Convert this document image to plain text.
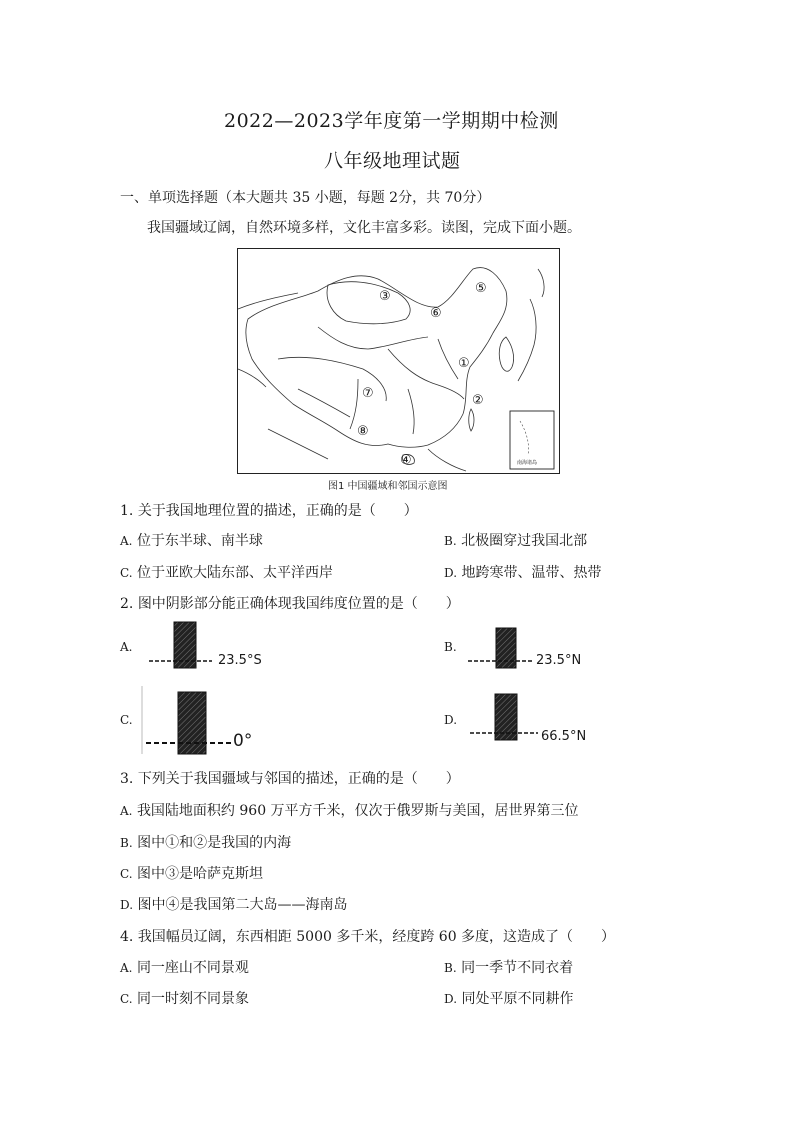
2022—2023学年度第一学期期中检测
八年级地理试题
一、单项选择题（本大题共 35 小题，每题 2分，共 70分）
我国疆域辽阔，自然环境多样，文化丰富多彩。读图，完成下面小题。
③
⑤
⑥
①
②
⑦
⑧
④	南海诸岛
图1 中国疆域和邻国示意图
1. 关于我国地理位置的描述，正确的是（　　）
A. 位于东半球、南半球	B. 北极圈穿过我国北部
C. 位于亚欧大陆东部、太平洋西岸	D. 地跨寒带、温带、热带
2. 图中阴影部分能正确体现我国纬度位置的是（　　）
A.
23.5°S
B.
23.5°N
C.
0°
D.
66.5°N
3. 下列关于我国疆域与邻国的描述，正确的是（　　）
A. 我国陆地面积约 960 万平方千米，仅次于俄罗斯与美国，居世界第三位
B. 图中①和②是我国的内海
C. 图中③是哈萨克斯坦
D. 图中④是我国第二大岛——海南岛
4. 我国幅员辽阔，东西相距 5000 多千米，经度跨 60 多度，这造成了（　　）
A. 同一座山不同景观	B. 同一季节不同衣着
C. 同一时刻不同景象	D. 同处平原不同耕作
